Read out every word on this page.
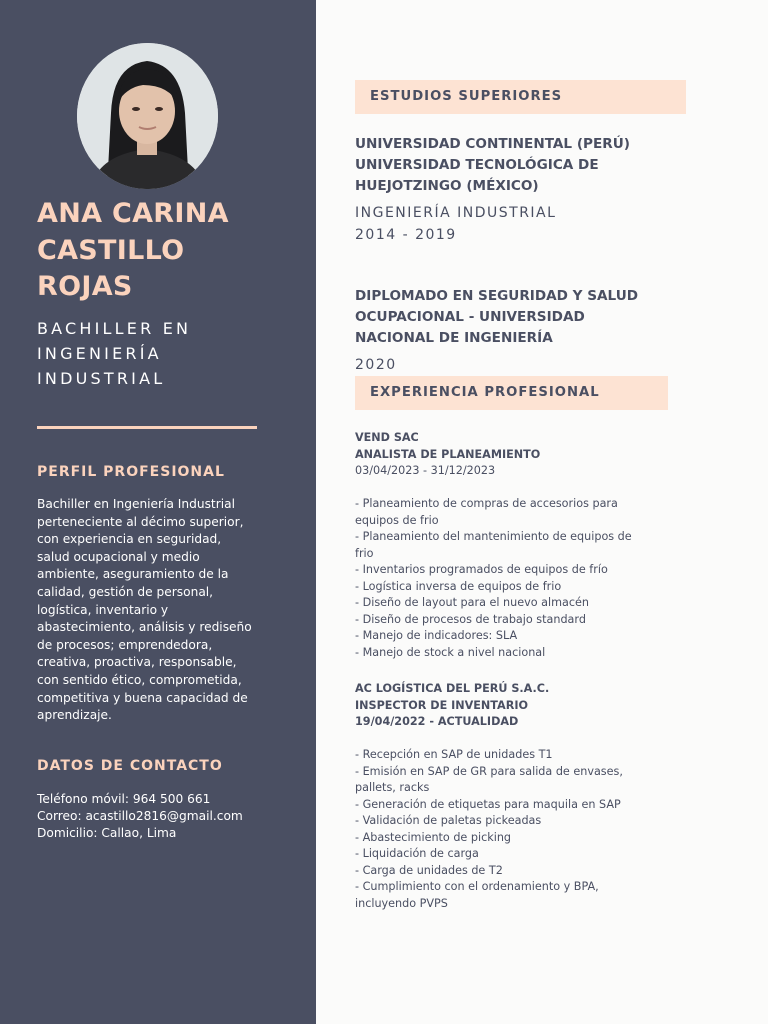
ANA CARINA
CASTILLO
ROJAS

BACHILLER EN
INGENIERÍA
INDUSTRIAL

PERFIL PROFESIONAL

Bachiller en Ingeniería Industrial
perteneciente al décimo superior,
con experiencia en seguridad,
salud ocupacional y medio
ambiente, aseguramiento de la
calidad, gestión de personal,
logística, inventario y
abastecimiento, análisis y rediseño
de procesos; emprendedora,
creativa, proactiva, responsable,
con sentido ético, comprometida,
competitiva y buena capacidad de
aprendizaje.

DATOS DE CONTACTO

Teléfono móvil: 964 500 661
Correo: acastillo2816@gmail.com
Domicilio: Callao, Lima

ESTUDIOS SUPERIORES
UNIVERSIDAD CONTINENTAL (PERÚ)
UNIVERSIDAD TECNOLÓGICA DE
HUEJOTZINGO (MÉXICO)

INGENIERÍA INDUSTRIAL
2014 - 2019

DIPLOMADO EN SEGURIDAD Y SALUD
OCUPACIONAL - UNIVERSIDAD
NACIONAL DE INGENIERÍA

2020

EXPERIENCIA PROFESIONAL
VEND SAC
ANALISTA DE PLANEAMIENTO
03/04/2023 - 31/12/2023
- Planeamiento de compras de accesorios para
equipos de frio
- Planeamiento del mantenimiento de equipos de
frio
- Inventarios programados de equipos de frío
- Logística inversa de equipos de frio
- Diseño de layout para el nuevo almacén
- Diseño de procesos de trabajo standard
- Manejo de indicadores: SLA
- Manejo de stock a nivel nacional
AC LOGÍSTICA DEL PERÚ S.A.C.
INSPECTOR DE INVENTARIO
19/04/2022 - ACTUALIDAD
- Recepción en SAP de unidades T1
- Emisión en SAP de GR para salida de envases,
pallets, racks
- Generación de etiquetas para maquila en SAP
- Validación de paletas pickeadas
- Abastecimiento de picking
- Liquidación de carga
- Carga de unidades de T2
- Cumplimiento con el ordenamiento y BPA,
incluyendo PVPS
